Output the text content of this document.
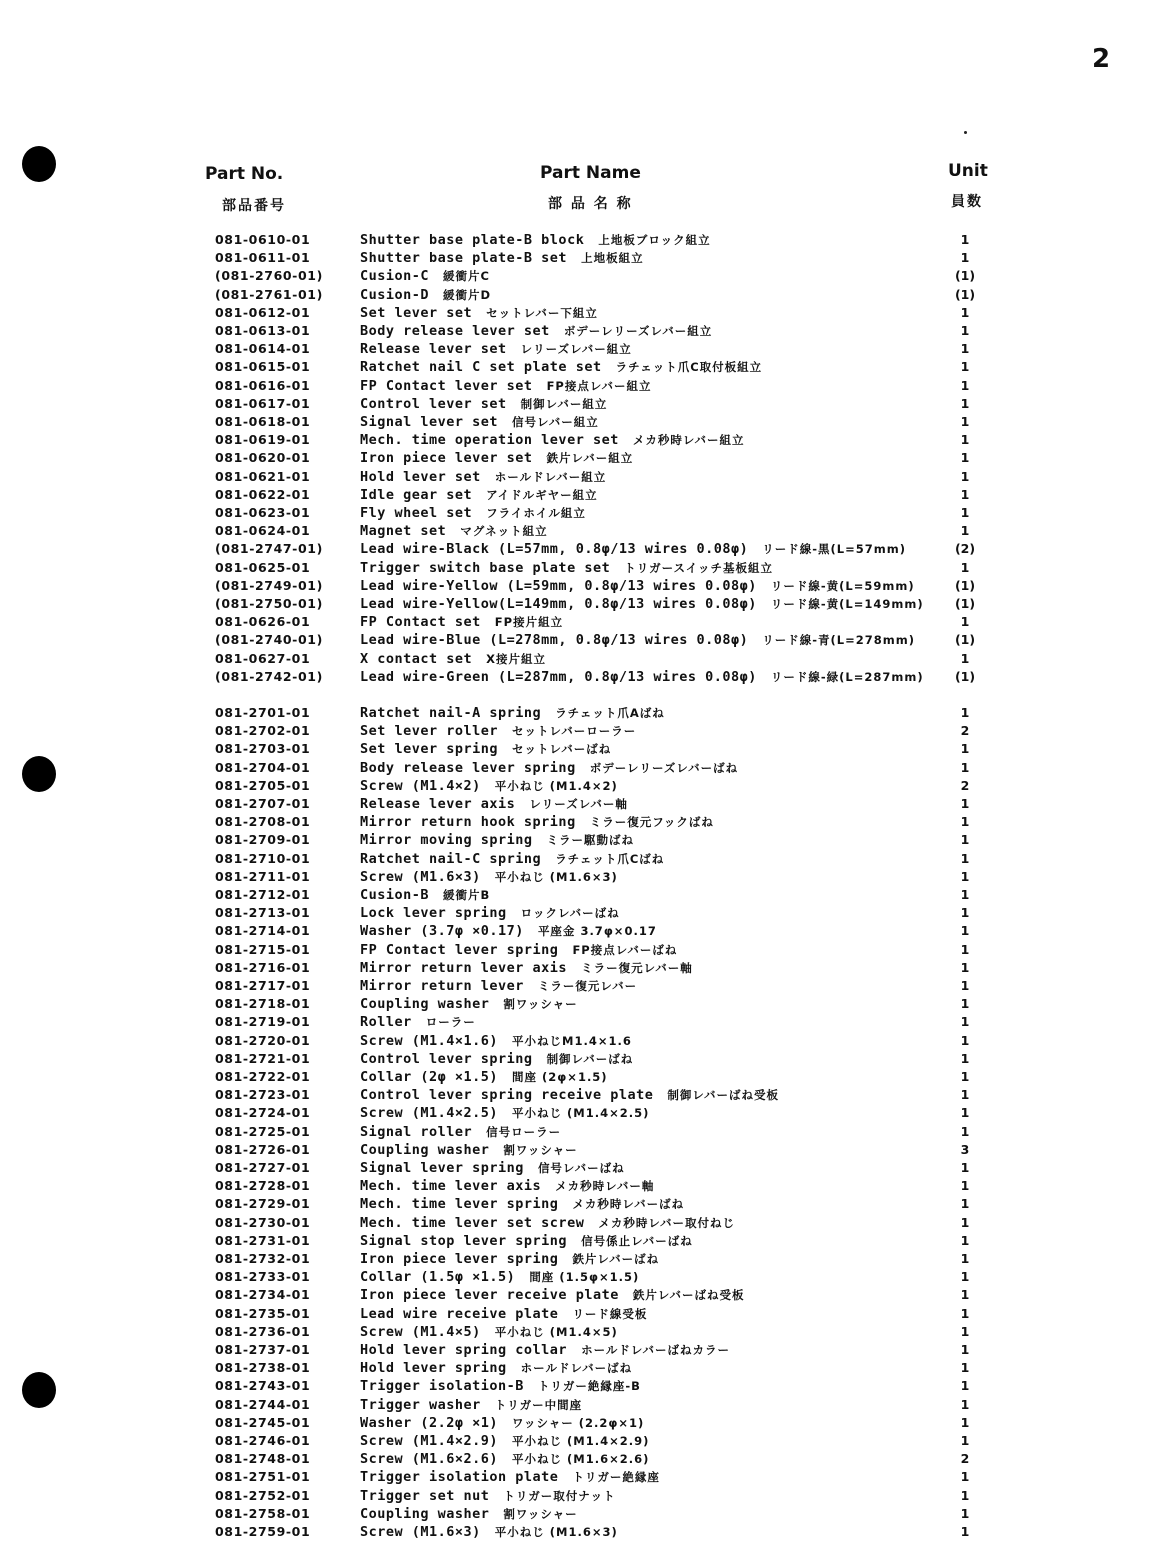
2
Part No.
部品番号
Part Name
部 品 名 称
Unit
員数
081-0610-01	Shutter base plate-B block 上地板ブロック組立	1
081-0611-01	Shutter base plate-B set 上地板組立	1
(081-2760-01)	Cusion-C 緩衝片C	(1)
(081-2761-01)	Cusion-D 緩衝片D	(1)
081-0612-01	Set lever set セットレバー下組立	1
081-0613-01	Body release lever set ボデーレリーズレバー組立	1
081-0614-01	Release lever set レリーズレバー組立	1
081-0615-01	Ratchet nail C set plate set ラチェット爪C取付板組立	1
081-0616-01	FP Contact lever set FP接点レバー組立	1
081-0617-01	Control lever set 制御レバー組立	1
081-0618-01	Signal lever set 信号レバー組立	1
081-0619-01	Mech. time operation lever set メカ秒時レバー組立	1
081-0620-01	Iron piece lever set 鉄片レバー組立	1
081-0621-01	Hold lever set ホールドレバー組立	1
081-0622-01	Idle gear set アイドルギヤー組立	1
081-0623-01	Fly wheel set フライホイル組立	1
081-0624-01	Magnet set マグネット組立	1
(081-2747-01)	Lead wire-Black (L=57mm, 0.8φ/13 wires 0.08φ) リード線-黒(L=57mm)	(2)
081-0625-01	Trigger switch base plate set トリガースイッチ基板組立	1
(081-2749-01)	Lead wire-Yellow (L=59mm, 0.8φ/13 wires 0.08φ) リード線-黄(L=59mm)	(1)
(081-2750-01)	Lead wire-Yellow(L=149mm, 0.8φ/13 wires 0.08φ) リード線-黄(L=149mm)	(1)
081-0626-01	FP Contact set FP接片組立	1
(081-2740-01)	Lead wire-Blue (L=278mm, 0.8φ/13 wires 0.08φ) リード線-青(L=278mm)	(1)
081-0627-01	X contact set X接片組立	1
(081-2742-01)	Lead wire-Green (L=287mm, 0.8φ/13 wires 0.08φ) リード線-緑(L=287mm)	(1)
081-2701-01	Ratchet nail-A spring ラチェット爪Aばね	1
081-2702-01	Set lever roller セットレバーローラー	2
081-2703-01	Set lever spring セットレバーばね	1
081-2704-01	Body release lever spring ボデーレリーズレバーばね	1
081-2705-01	Screw (M1.4×2) 平小ねじ (M1.4×2)	2
081-2707-01	Release lever axis レリーズレバー軸	1
081-2708-01	Mirror return hook spring ミラー復元フックばね	1
081-2709-01	Mirror moving spring ミラー駆動ばね	1
081-2710-01	Ratchet nail-C spring ラチェット爪Cばね	1
081-2711-01	Screw (M1.6×3) 平小ねじ (M1.6×3)	1
081-2712-01	Cusion-B 緩衝片B	1
081-2713-01	Lock lever spring ロックレバーばね	1
081-2714-01	Washer (3.7φ ×0.17) 平座金 3.7φ×0.17	1
081-2715-01	FP Contact lever spring FP接点レバーばね	1
081-2716-01	Mirror return lever axis ミラー復元レバー軸	1
081-2717-01	Mirror return lever ミラー復元レバー	1
081-2718-01	Coupling washer 割ワッシャー	1
081-2719-01	Roller ローラー	1
081-2720-01	Screw (M1.4×1.6) 平小ねじM1.4×1.6	1
081-2721-01	Control lever spring 制御レバーばね	1
081-2722-01	Collar (2φ ×1.5) 間座 (2φ×1.5)	1
081-2723-01	Control lever spring receive plate 制御レバーばね受板	1
081-2724-01	Screw (M1.4×2.5) 平小ねじ (M1.4×2.5)	1
081-2725-01	Signal roller 信号ローラー	1
081-2726-01	Coupling washer 割ワッシャー	3
081-2727-01	Signal lever spring 信号レバーばね	1
081-2728-01	Mech. time lever axis メカ秒時レバー軸	1
081-2729-01	Mech. time lever spring メカ秒時レバーばね	1
081-2730-01	Mech. time lever set screw メカ秒時レバー取付ねじ	1
081-2731-01	Signal stop lever spring 信号係止レバーばね	1
081-2732-01	Iron piece lever spring 鉄片レバーばね	1
081-2733-01	Collar (1.5φ ×1.5) 間座 (1.5φ×1.5)	1
081-2734-01	Iron piece lever receive plate 鉄片レバーばね受板	1
081-2735-01	Lead wire receive plate リード線受板	1
081-2736-01	Screw (M1.4×5) 平小ねじ (M1.4×5)	1
081-2737-01	Hold lever spring collar ホールドレバーばねカラー	1
081-2738-01	Hold lever spring ホールドレバーばね	1
081-2743-01	Trigger isolation-B トリガー絶縁座-B	1
081-2744-01	Trigger washer トリガー中間座	1
081-2745-01	Washer (2.2φ ×1) ワッシャー (2.2φ×1)	1
081-2746-01	Screw (M1.4×2.9) 平小ねじ (M1.4×2.9)	1
081-2748-01	Screw (M1.6×2.6) 平小ねじ (M1.6×2.6)	2
081-2751-01	Trigger isolation plate トリガー絶縁座	1
081-2752-01	Trigger set nut トリガー取付ナット	1
081-2758-01	Coupling washer 割ワッシャー	1
081-2759-01	Screw (M1.6×3) 平小ねじ (M1.6×3)	1
